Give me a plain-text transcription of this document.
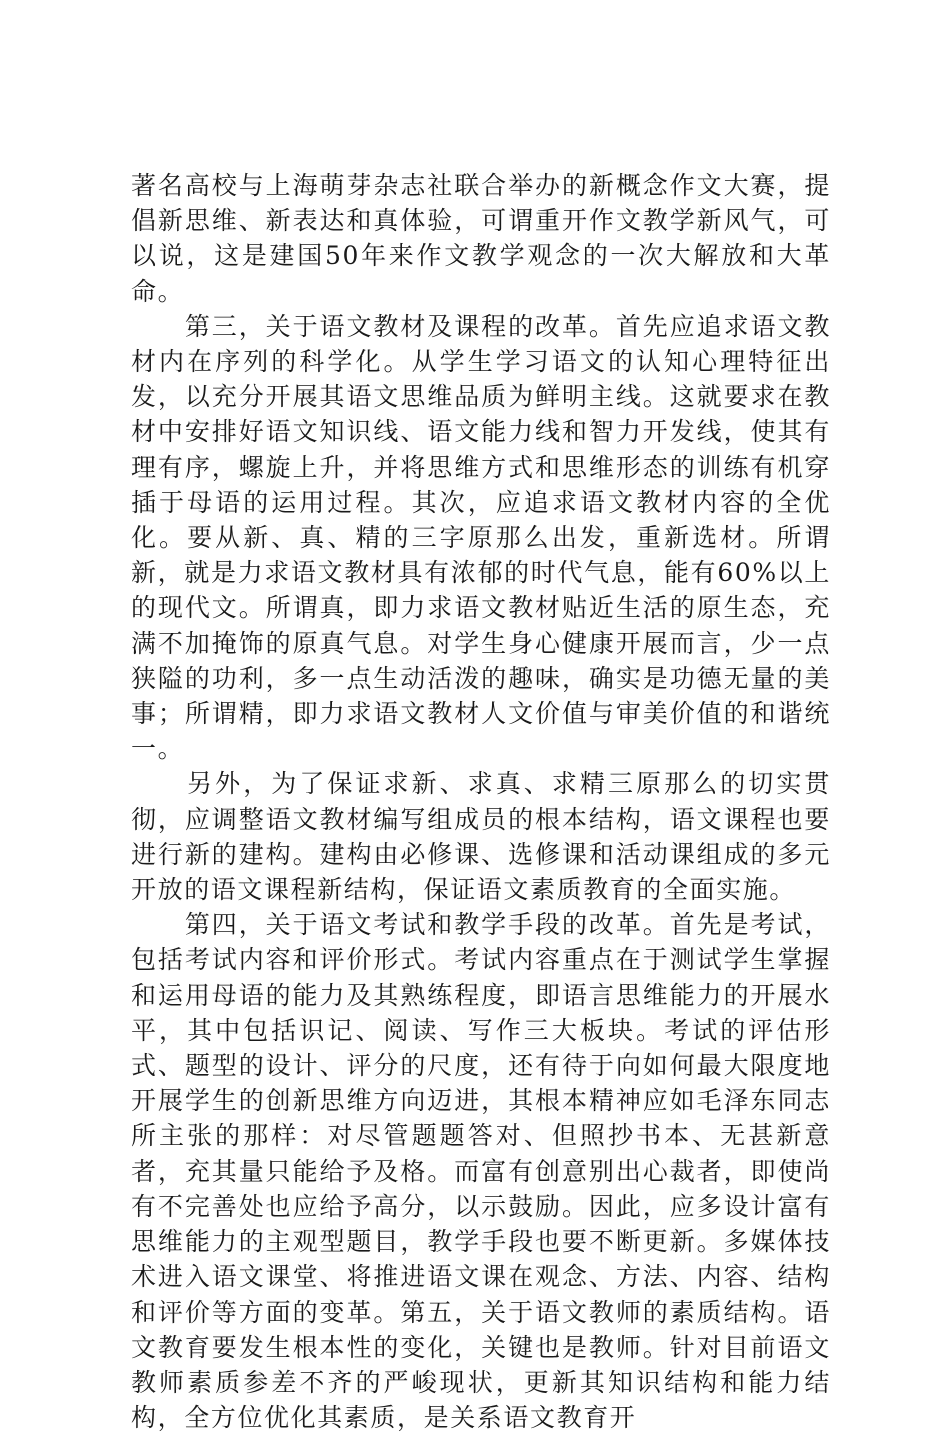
著名高校与上海萌芽杂志社联合举办的新概念作文大赛，提倡新思维、新表达和真体验，可谓重开作文教学新风气，可以说，这是建国50年来作文教学观念的一次大解放和大革命。

　　第三，关于语文教材及课程的改革。首先应追求语文教材内在序列的科学化。从学生学习语文的认知心理特征出发，以充分开展其语文思维品质为鲜明主线。这就要求在教材中安排好语文知识线、语文能力线和智力开发线，使其有理有序，螺旋上升，并将思维方式和思维形态的训练有机穿插于母语的运用过程。其次，应追求语文教材内容的全优化。要从新、真、精的三字原那么出发，重新选材。所谓新，就是力求语文教材具有浓郁的时代气息，能有60%以上的现代文。所谓真，即力求语文教材贴近生活的原生态，充满不加掩饰的原真气息。对学生身心健康开展而言，少一点狭隘的功利，多一点生动活泼的趣味，确实是功德无量的美事；所谓精，即力求语文教材人文价值与审美价值的和谐统一。

　　另外，为了保证求新、求真、求精三原那么的切实贯彻，应调整语文教材编写组成员的根本结构，语文课程也要进行新的建构。建构由必修课、选修课和活动课组成的多元开放的语文课程新结构，保证语文素质教育的全面实施。

　　第四，关于语文考试和教学手段的改革。首先是考试，包括考试内容和评价形式。考试内容重点在于测试学生掌握和运用母语的能力及其熟练程度，即语言思维能力的开展水平，其中包括识记、阅读、写作三大板块。考试的评估形式、题型的设计、评分的尺度，还有待于向如何最大限度地开展学生的创新思维方向迈进，其根本精神应如毛泽东同志所主张的那样：对尽管题题答对、但照抄书本、无甚新意者，充其量只能给予及格。而富有创意别出心裁者，即使尚有不完善处也应给予高分，以示鼓励。因此，应多设计富有思维能力的主观型题目，教学手段也要不断更新。多媒体技术进入语文课堂、将推进语文课在观念、方法、内容、结构和评价等方面的变革。第五，关于语文教师的素质结构。语文教育要发生根本性的变化，关键也是教师。针对目前语文教师素质参差不齐的严峻现状，更新其知识结构和能力结构，全方位优化其素质，是关系语文教育开
